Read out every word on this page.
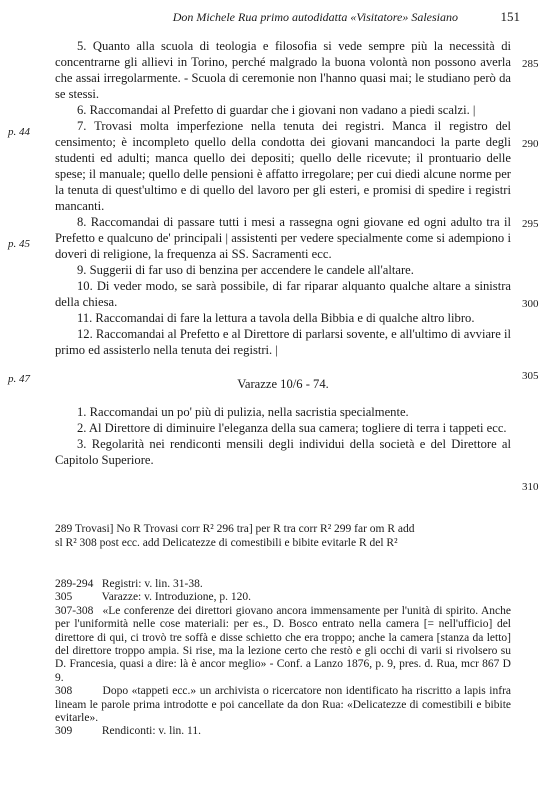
Don Michele Rua primo autodidatta «Visitatore» Salesiano	151

5. Quanto alla scuola di teologia e filosofia si vede sempre più la necessità di concentrarne gli allievi in Torino, perché malgrado la buona volontà non possono averla che assai irregolarmente. - Scuola di ceremonie non l'hanno quasi mai; le studiano però da se stessi.

6. Raccomandai al Prefetto di guardar che i giovani non vadano a piedi scalzi. |

7. Trovasi molta imperfezione nella tenuta dei registri. Manca il registro del censimento; è incompleto quello della condotta dei giovani mancandoci la parte degli studenti ed adulti; manca quello dei depositi; quello delle ricevute; il prontuario delle spese; il manuale; quello delle pensioni è affatto irregolare; per cui diedi alcune norme per la tenuta di quest'ultimo e di quello del lavoro per gli esteri, e promisi di spedire i registri mancanti.

8. Raccomandai di passare tutti i mesi a rassegna ogni giovane ed ogni adulto tra il Prefetto e qualcuno de' principali | assistenti per vedere specialmente come si adempiono i doveri di religione, la frequenza ai SS. Sacramenti ecc.

9. Suggerii di far uso di benzina per accendere le candele all'altare.

10. Di veder modo, se sarà possibile, di far riparar alquanto qualche altare a sinistra della chiesa.

11. Raccomandai di fare la lettura a tavola della Bibbia e di qualche altro libro.

12. Raccomandai al Prefetto e al Direttore di parlarsi sovente, e all'ultimo di avviare il primo ed assisterlo nella tenuta dei registri. |

Varazze 10/6 - 74.

1. Raccomandai un po' più di pulizia, nella sacristia specialmente.

2. Al Direttore di diminuire l'eleganza della sua camera; togliere di terra i tappeti ecc.

3. Regolarità nei rendiconti mensili degli individui della società e del Direttore al Capitolo Superiore.

p. 44
p. 45
p. 47
285
290
295
300
305
310

289 Trovasi] No R Trovasi corr R² 296 tra] per R tra corr R² 299 far om R add

sl R² 308 post ecc. add Delicatezze di comestibili e bibite evitarle R del R²

289-294 Registri: v. lin. 31-38.

305	Varazze: v. Introduzione, p. 120.

307-308 «Le conferenze dei direttori giovano ancora immensamente per l'unità di spirito. Anche per l'uniformità nelle cose materiali: per es., D. Bosco entrato nella camera [= nell'ufficio] del direttore di qui, ci trovò tre soffà e disse schietto che era troppo; anche la camera [stanza da letto] del direttore troppo ampia. Si rise, ma la lezione certo che restò e gli occhi di varii si rivolsero su D. Francesia, quasi a dire: là è ancor meglio» - Conf. a Lanzo 1876, p. 9, pres. d. Rua, mcr 867 D 9.

308	Dopo «tappeti ecc.» un archivista o ricercatore non identificato ha riscritto a lapis infra lineam le parole prima introdotte e poi cancellate da don Rua: «Delicatezze di comestibili e bibite evitarle».

309	Rendiconti: v. lin. 11.
